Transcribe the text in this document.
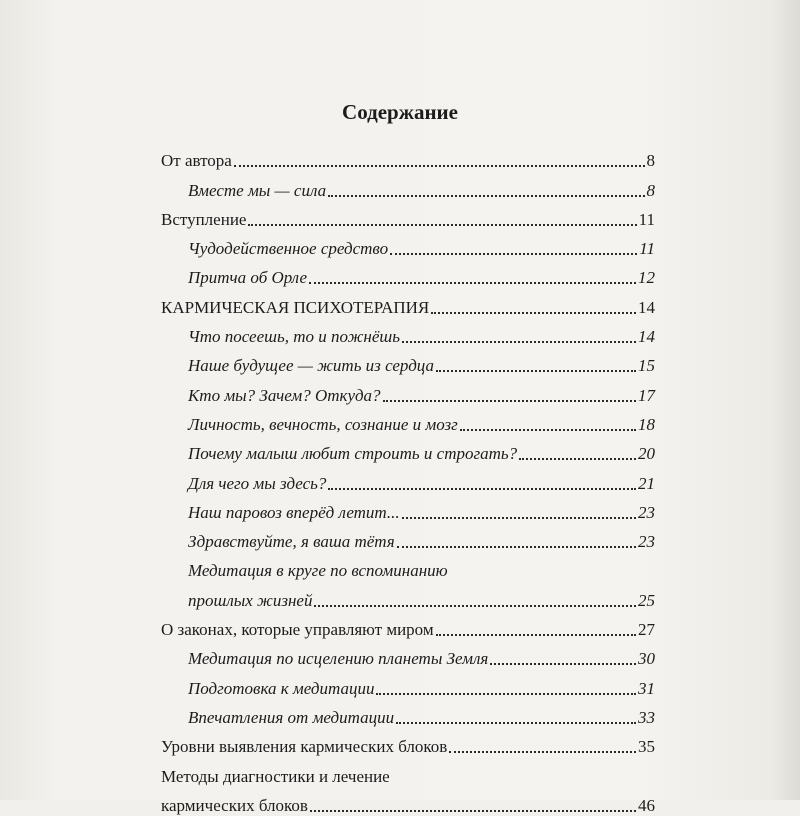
Содержание
От автора	8
Вместе мы — сила	8
Вступление	11
Чудодейственное средство	11
Притча об Орле	12
КАРМИЧЕСКАЯ ПСИХОТЕРАПИЯ	14
Что посеешь, то и пожнёшь	14
Наше будущее — жить из сердца	15
Кто мы? Зачем? Откуда?	17
Личность, вечность, сознание и мозг	18
Почему малыш любит строить и строгать?	20
Для чего мы здесь?	21
Наш паровоз вперёд летит...	23
Здравствуйте, я ваша тётя	23
Медитация в круге по вспоминанию
прошлых жизней	25
О законах, которые управляют миром	27
Медитация по исцелению планеты Земля	30
Подготовка к медитации	31
Впечатления от медитации	33
Уровни выявления кармических блоков	35
Методы диагностики и лечение
кармических блоков	46
